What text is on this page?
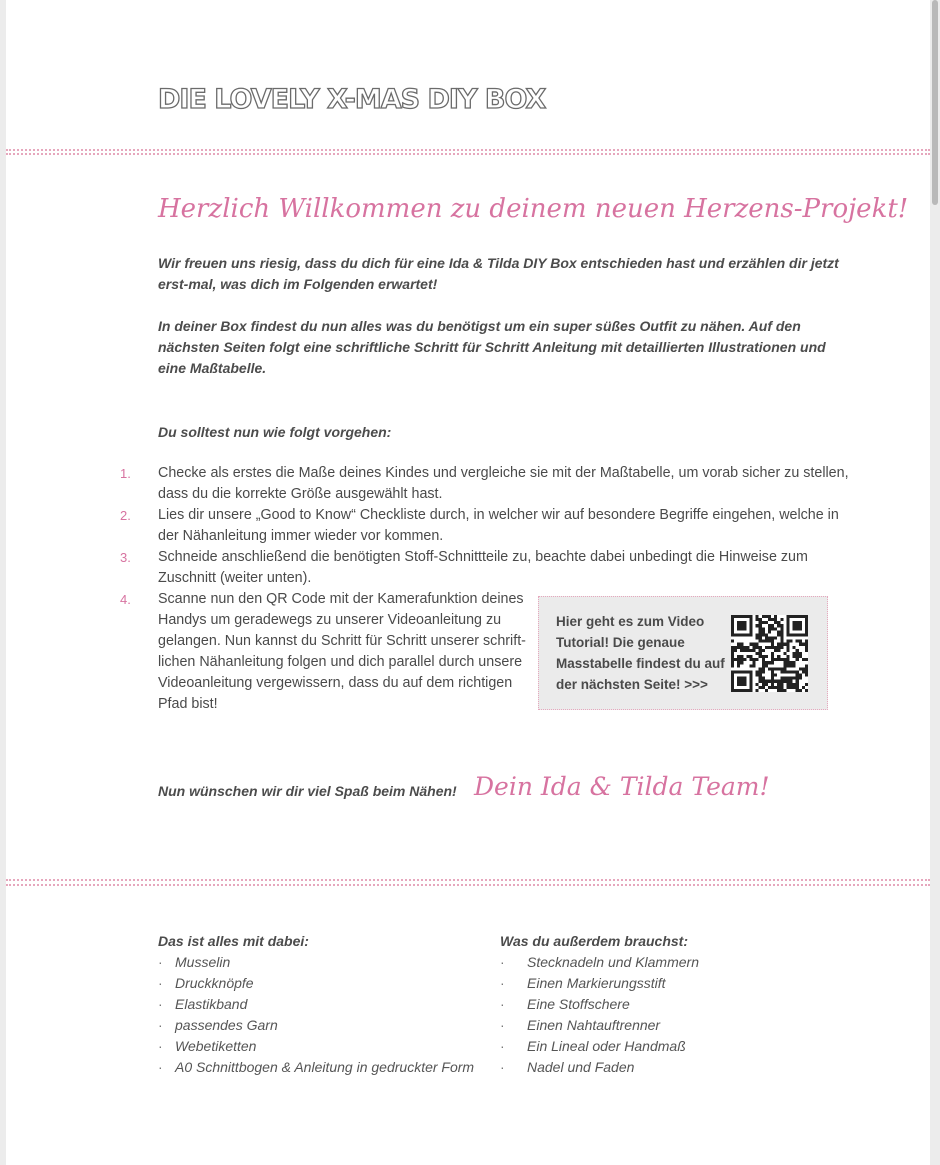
DIE LOVELY X-MAS DIY BOX
Herzlich Willkommen zu deinem neuen Herzens-Projekt!

Wir freuen uns riesig, dass du dich für eine Ida & Tilda DIY Box entschieden hast und erzählen dir jetzt erst-mal, was dich im Folgenden erwartet!

In deiner Box findest du nun alles was du benötigst um ein super süßes Outfit zu nähen. Auf den nächsten Seiten folgt eine schriftliche Schritt für Schritt Anleitung mit detaillierten Illustrationen und eine Maßtabelle.

Du solltest nun wie folgt vorgehen:

1. Checke als erstes die Maße deines Kindes und vergleiche sie mit der Maßtabelle, um vorab sicher zu stellen, dass du die korrekte Größe ausgewählt hast.
2. Lies dir unsere „Good to Know“ Checkliste durch, in welcher wir auf besondere Begriffe eingehen, welche in der Nähanleitung immer wieder vor kommen.
3. Schneide anschließend die benötigten Stoff-Schnittteile zu, beachte dabei unbedingt die Hinweise zum Zuschnitt (weiter unten).
4. Scanne nun den QR Code mit der Kamerafunktion deines Handys um geradewegs zu unserer Videoanleitung zu gelangen. Nun kannst du Schritt für Schritt unserer schrift-lichen Nähanleitung folgen und dich parallel durch unsere Videoanleitung vergewissern, dass du auf dem richtigen Pfad bist!

Hier geht es zum Video Tutorial! Die genaue Masstabelle findest du auf der nächsten Seite! >>>

Nun wünschen wir dir viel Spaß beim Nähen! Dein Ida & Tilda Team!

Das ist alles mit dabei:
· Musselin
· Druckknöpfe
· Elastikband
· passendes Garn
· Webetiketten
· A0 Schnittbogen & Anleitung in gedruckter Form
Was du außerdem brauchst:
· Stecknadeln und Klammern
· Einen Markierungsstift
· Eine Stoffschere
· Einen Nahtauftrenner
· Ein Lineal oder Handmaß
· Nadel und Faden
